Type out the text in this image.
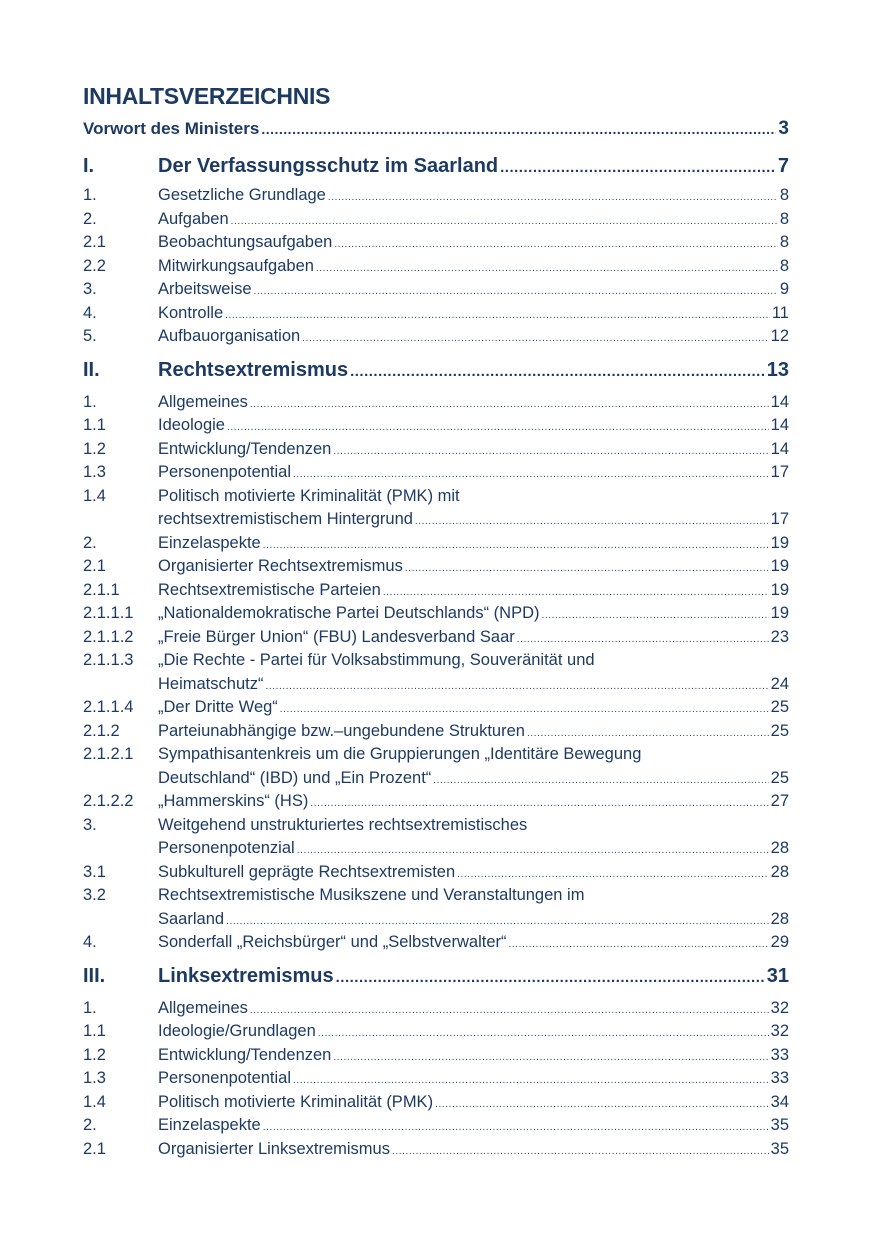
INHALTSVERZEICHNIS
Vorwort des Ministers .....	3
I.	Der Verfassungsschutz im Saarland .....	7
1.	Gesetzliche Grundlage .....	8
2.	Aufgaben .....	8
2.1	Beobachtungsaufgaben .....	8
2.2	Mitwirkungsaufgaben .....	8
3.	Arbeitsweise .....	9
4.	Kontrolle .....	11
5.	Aufbauorganisation .....	12
II.	Rechtsextremismus .....	13
1.	Allgemeines .....	14
1.1	Ideologie .....	14
1.2	Entwicklung/Tendenzen .....	14
1.3	Personenpotential .....	17
1.4	Politisch motivierte Kriminalität (PMK) mit
rechtsextremistischem Hintergrund .....	17
2.	Einzelaspekte .....	19
2.1	Organisierter Rechtsextremismus .....	19
2.1.1	Rechtsextremistische Parteien .....	19
2.1.1.1	„Nationaldemokratische Partei Deutschlands“ (NPD) .....	19
2.1.1.2	„Freie Bürger Union“ (FBU) Landesverband Saar .....	23
2.1.1.3	„Die Rechte - Partei für Volksabstimmung, Souveränität und
Heimatschutz“ .....	24
2.1.1.4	„Der Dritte Weg“ .....	25
2.1.2	Parteiunabhängige bzw.–ungebundene Strukturen .....	25
2.1.2.1	Sympathisantenkreis um die Gruppierungen „Identitäre Bewegung
Deutschland“ (IBD) und „Ein Prozent“ .....	25
2.1.2.2	„Hammerskins“ (HS) .....	27
3.	Weitgehend unstrukturiertes rechtsextremistisches
Personenpotenzial .....	28
3.1	Subkulturell geprägte Rechtsextremisten .....	28
3.2	Rechtsextremistische Musikszene und Veranstaltungen im
Saarland .....	28
4.	Sonderfall „Reichsbürger“ und „Selbstverwalter“ .....	29
III.	Linksextremismus .....	31
1.	Allgemeines .....	32
1.1	Ideologie/Grundlagen .....	32
1.2	Entwicklung/Tendenzen .....	33
1.3	Personenpotential .....	33
1.4	Politisch motivierte Kriminalität (PMK) .....	34
2.	Einzelaspekte .....	35
2.1	Organisierter Linksextremismus .....	35
